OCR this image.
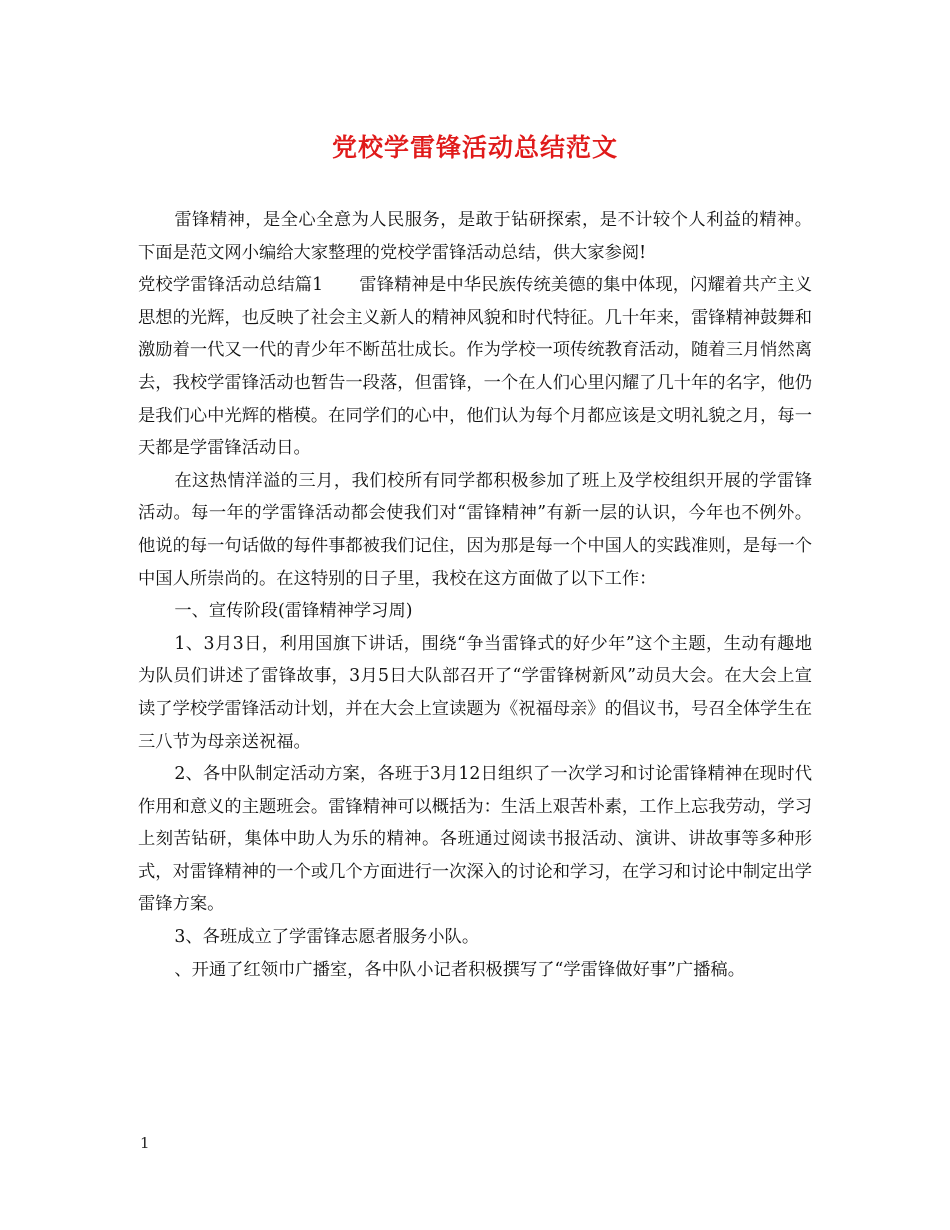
党校学雷锋活动总结范文

雷锋精神，是全心全意为人民服务，是敢于钻研探索，是不计较个人利益的精神。下面是范文网小编给大家整理的党校学雷锋活动总结，供大家参阅!

党校学雷锋活动总结篇1 雷锋精神是中华民族传统美德的集中体现，闪耀着共产主义思想的光辉，也反映了社会主义新人的精神风貌和时代特征。几十年来，雷锋精神鼓舞和激励着一代又一代的青少年不断茁壮成长。作为学校一项传统教育活动，随着三月悄然离去，我校学雷锋活动也暂告一段落，但雷锋，一个在人们心里闪耀了几十年的名字，他仍是我们心中光辉的楷模。在同学们的心中，他们认为每个月都应该是文明礼貌之月，每一天都是学雷锋活动日。

在这热情洋溢的三月，我们校所有同学都积极参加了班上及学校组织开展的学雷锋活动。每一年的学雷锋活动都会使我们对“雷锋精神”有新一层的认识，今年也不例外。他说的每一句话做的每件事都被我们记住，因为那是每一个中国人的实践准则，是每一个中国人所崇尚的。在这特别的日子里，我校在这方面做了以下工作：

一、宣传阶段(雷锋精神学习周)

1、3月3日，利用国旗下讲话，围绕“争当雷锋式的好少年”这个主题，生动有趣地为队员们讲述了雷锋故事，3月5日大队部召开了“学雷锋树新风”动员大会。在大会上宣读了学校学雷锋活动计划，并在大会上宣读题为《祝福母亲》的倡议书，号召全体学生在三八节为母亲送祝福。

2、各中队制定活动方案，各班于3月12日组织了一次学习和讨论雷锋精神在现时代作用和意义的主题班会。雷锋精神可以概括为：生活上艰苦朴素，工作上忘我劳动，学习上刻苦钻研，集体中助人为乐的精神。各班通过阅读书报活动、演讲、讲故事等多种形式，对雷锋精神的一个或几个方面进行一次深入的讨论和学习，在学习和讨论中制定出学雷锋方案。

3、各班成立了学雷锋志愿者服务小队。

、开通了红领巾广播室，各中队小记者积极撰写了“学雷锋做好事”广播稿。

1
